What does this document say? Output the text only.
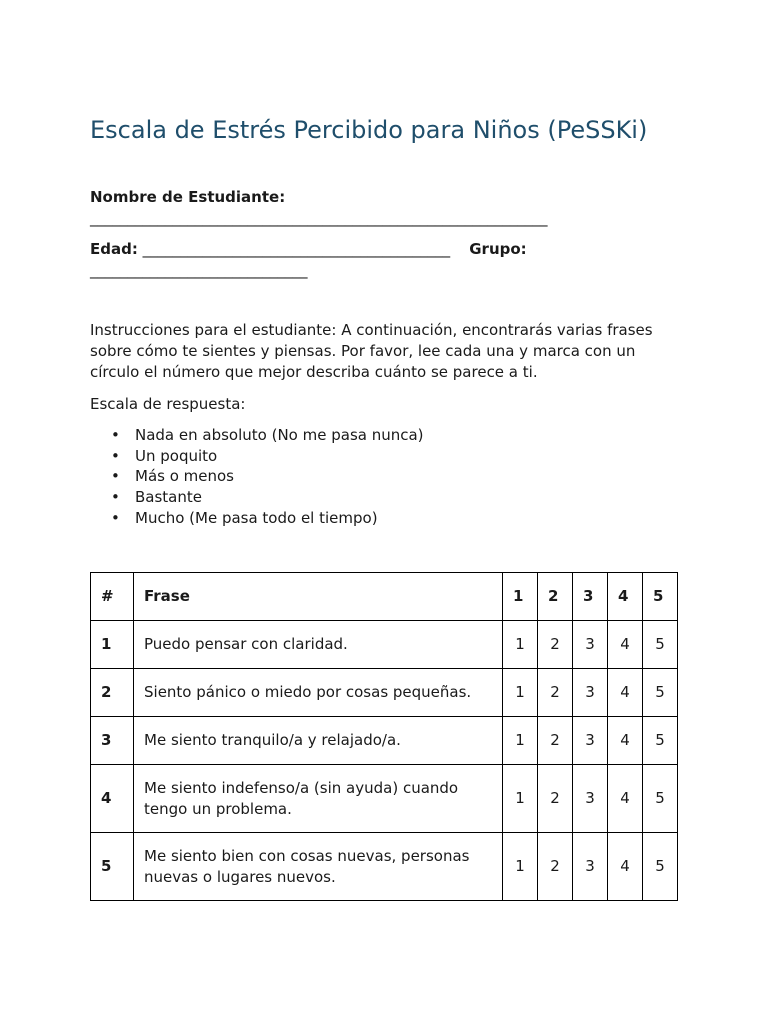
Escala de Estrés Percibido para Niños (PeSSKi)
Nombre de Estudiante:
_____________________________________________________________
Edad: _________________________________________ Grupo:
_____________________________

Instrucciones para el estudiante: A continuación, encontrarás varias frases sobre cómo te sientes y piensas. Por favor, lee cada una y marca con un círculo el número que mejor describa cuánto se parece a ti.

Escala de respuesta:

• Nada en absoluto (No me pasa nunca)
• Un poquito
• Más o menos
• Bastante
• Mucho (Me pasa todo el tiempo)
#	Frase	1	2	3	4	5
1	Puedo pensar con claridad.	1	2	3	4	5
2	Siento pánico o miedo por cosas pequeñas.	1	2	3	4	5
3	Me siento tranquilo/a y relajado/a.	1	2	3	4	5
4	Me siento indefenso/a (sin ayuda) cuando tengo un problema.	1	2	3	4	5
5	Me siento bien con cosas nuevas, personas nuevas o lugares nuevos.	1	2	3	4	5
